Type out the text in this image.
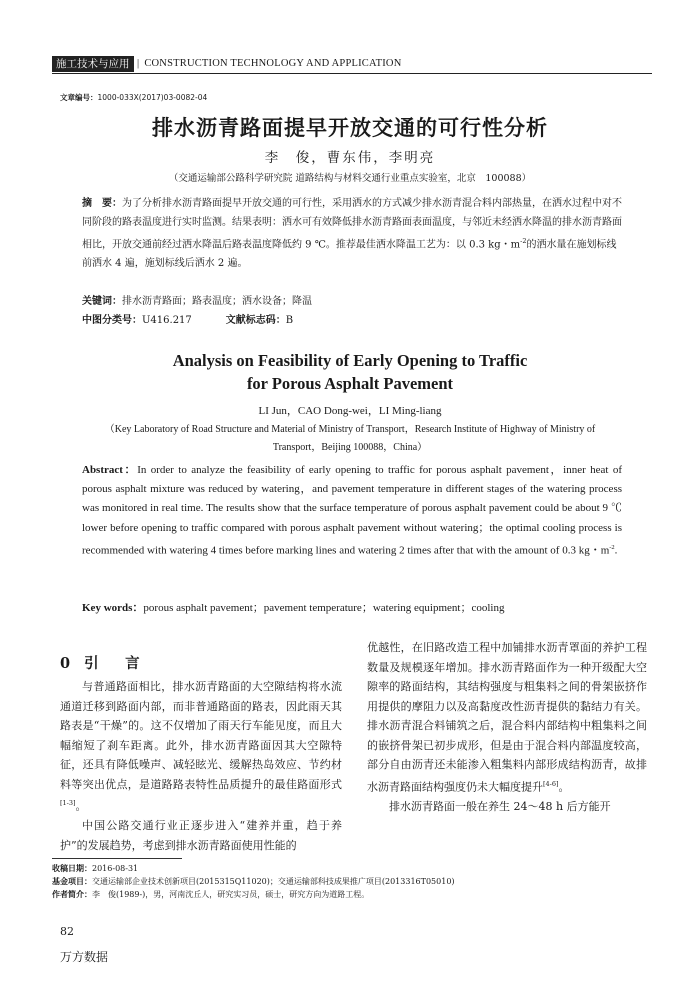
施工技术与应用 | CONSTRUCTION TECHNOLOGY AND APPLICATION
文章编号：1000-033X(2017)03-0082-04
排水沥青路面提早开放交通的可行性分析
李　俊，曹东伟，李明亮
（交通运输部公路科学研究院 道路结构与材料交通行业重点实验室，北京　100088）
摘　要：为了分析排水沥青路面提早开放交通的可行性，采用洒水的方式减少排水沥青混合料内部热量，在洒水过程中对不同阶段的路表温度进行实时监测。结果表明：洒水可有效降低排水沥青路面表面温度，与邻近未经洒水降温的排水沥青路面相比，开放交通前经过洒水降温后路表温度降低约 9 ℃。推荐最佳洒水降温工艺为：以 0.3 kg・$m^{-2}$的洒水量在施划标线前洒水 4 遍，施划标线后洒水 2 遍。
关键词：排水沥青路面；路表温度；洒水设备；降温
中图分类号：U416.217	文献标志码：B
Analysis on Feasibility of Early Opening to Traffic
for Porous Asphalt Pavement
LI Jun，CAO Dong-wei，LI Ming-liang
（Key Laboratory of Road Structure and Material of Ministry of Transport，Research Institute of Highway of Ministry of Transport，Beijing 100088，China）
Abstract：In order to analyze the feasibility of early opening to traffic for porous asphalt pavement，inner heat of porous asphalt mixture was reduced by watering，and pavement temperature in different stages of the watering process was monitored in real time. The results show that the surface temperature of porous asphalt pavement could be about 9 ℃ lower before opening to traffic compared with porous asphalt pavement without watering；the optimal cooling process is recommended with watering 4 times before marking lines and watering 2 times after that with the amount of 0.3 kg・$m^{-2}$.
Key words：porous asphalt pavement；pavement temperature；watering equipment；cooling
0 引　言

与普通路面相比，排水沥青路面的大空隙结构将水流通道迁移到路面内部，而非普通路面的路表，因此雨天其路表是“干燥”的。这不仅增加了雨天行车能见度，而且大幅缩短了刹车距离。此外，排水沥青路面因其大空隙特征，还具有降低噪声、减轻眩光、缓解热岛效应、节约材料等突出优点，是道路路表特性品质提升的最佳路面形式[1-3]。

中国公路交通行业正逐步进入“建养并重，趋于养护”的发展趋势，考虑到排水沥青路面使用性能的

优越性，在旧路改造工程中加铺排水沥青罩面的养护工程数量及规模逐年增加。排水沥青路面作为一种开级配大空隙率的路面结构，其结构强度与粗集料之间的骨架嵌挤作用提供的摩阻力以及高黏度改性沥青提供的黏结力有关。排水沥青混合料铺筑之后，混合料内部结构中粗集料之间的嵌挤骨架已初步成形，但是由于混合料内部温度较高，部分自由沥青还未能渗入粗集料内部形成结构沥青，故排水沥青路面结构强度仍未大幅度提升[4-6]。

排水沥青路面一般在养生 24～48 h 后方能开

收稿日期：2016-08-31
基金项目：交通运输部企业技术创新项目(2015315Q11020)；交通运输部科技成果推广项目(2013316T05010)
作者简介：李　俊(1989-)，男，河南沈丘人，研究实习员，硕士，研究方向为道路工程。
82
万方数据
